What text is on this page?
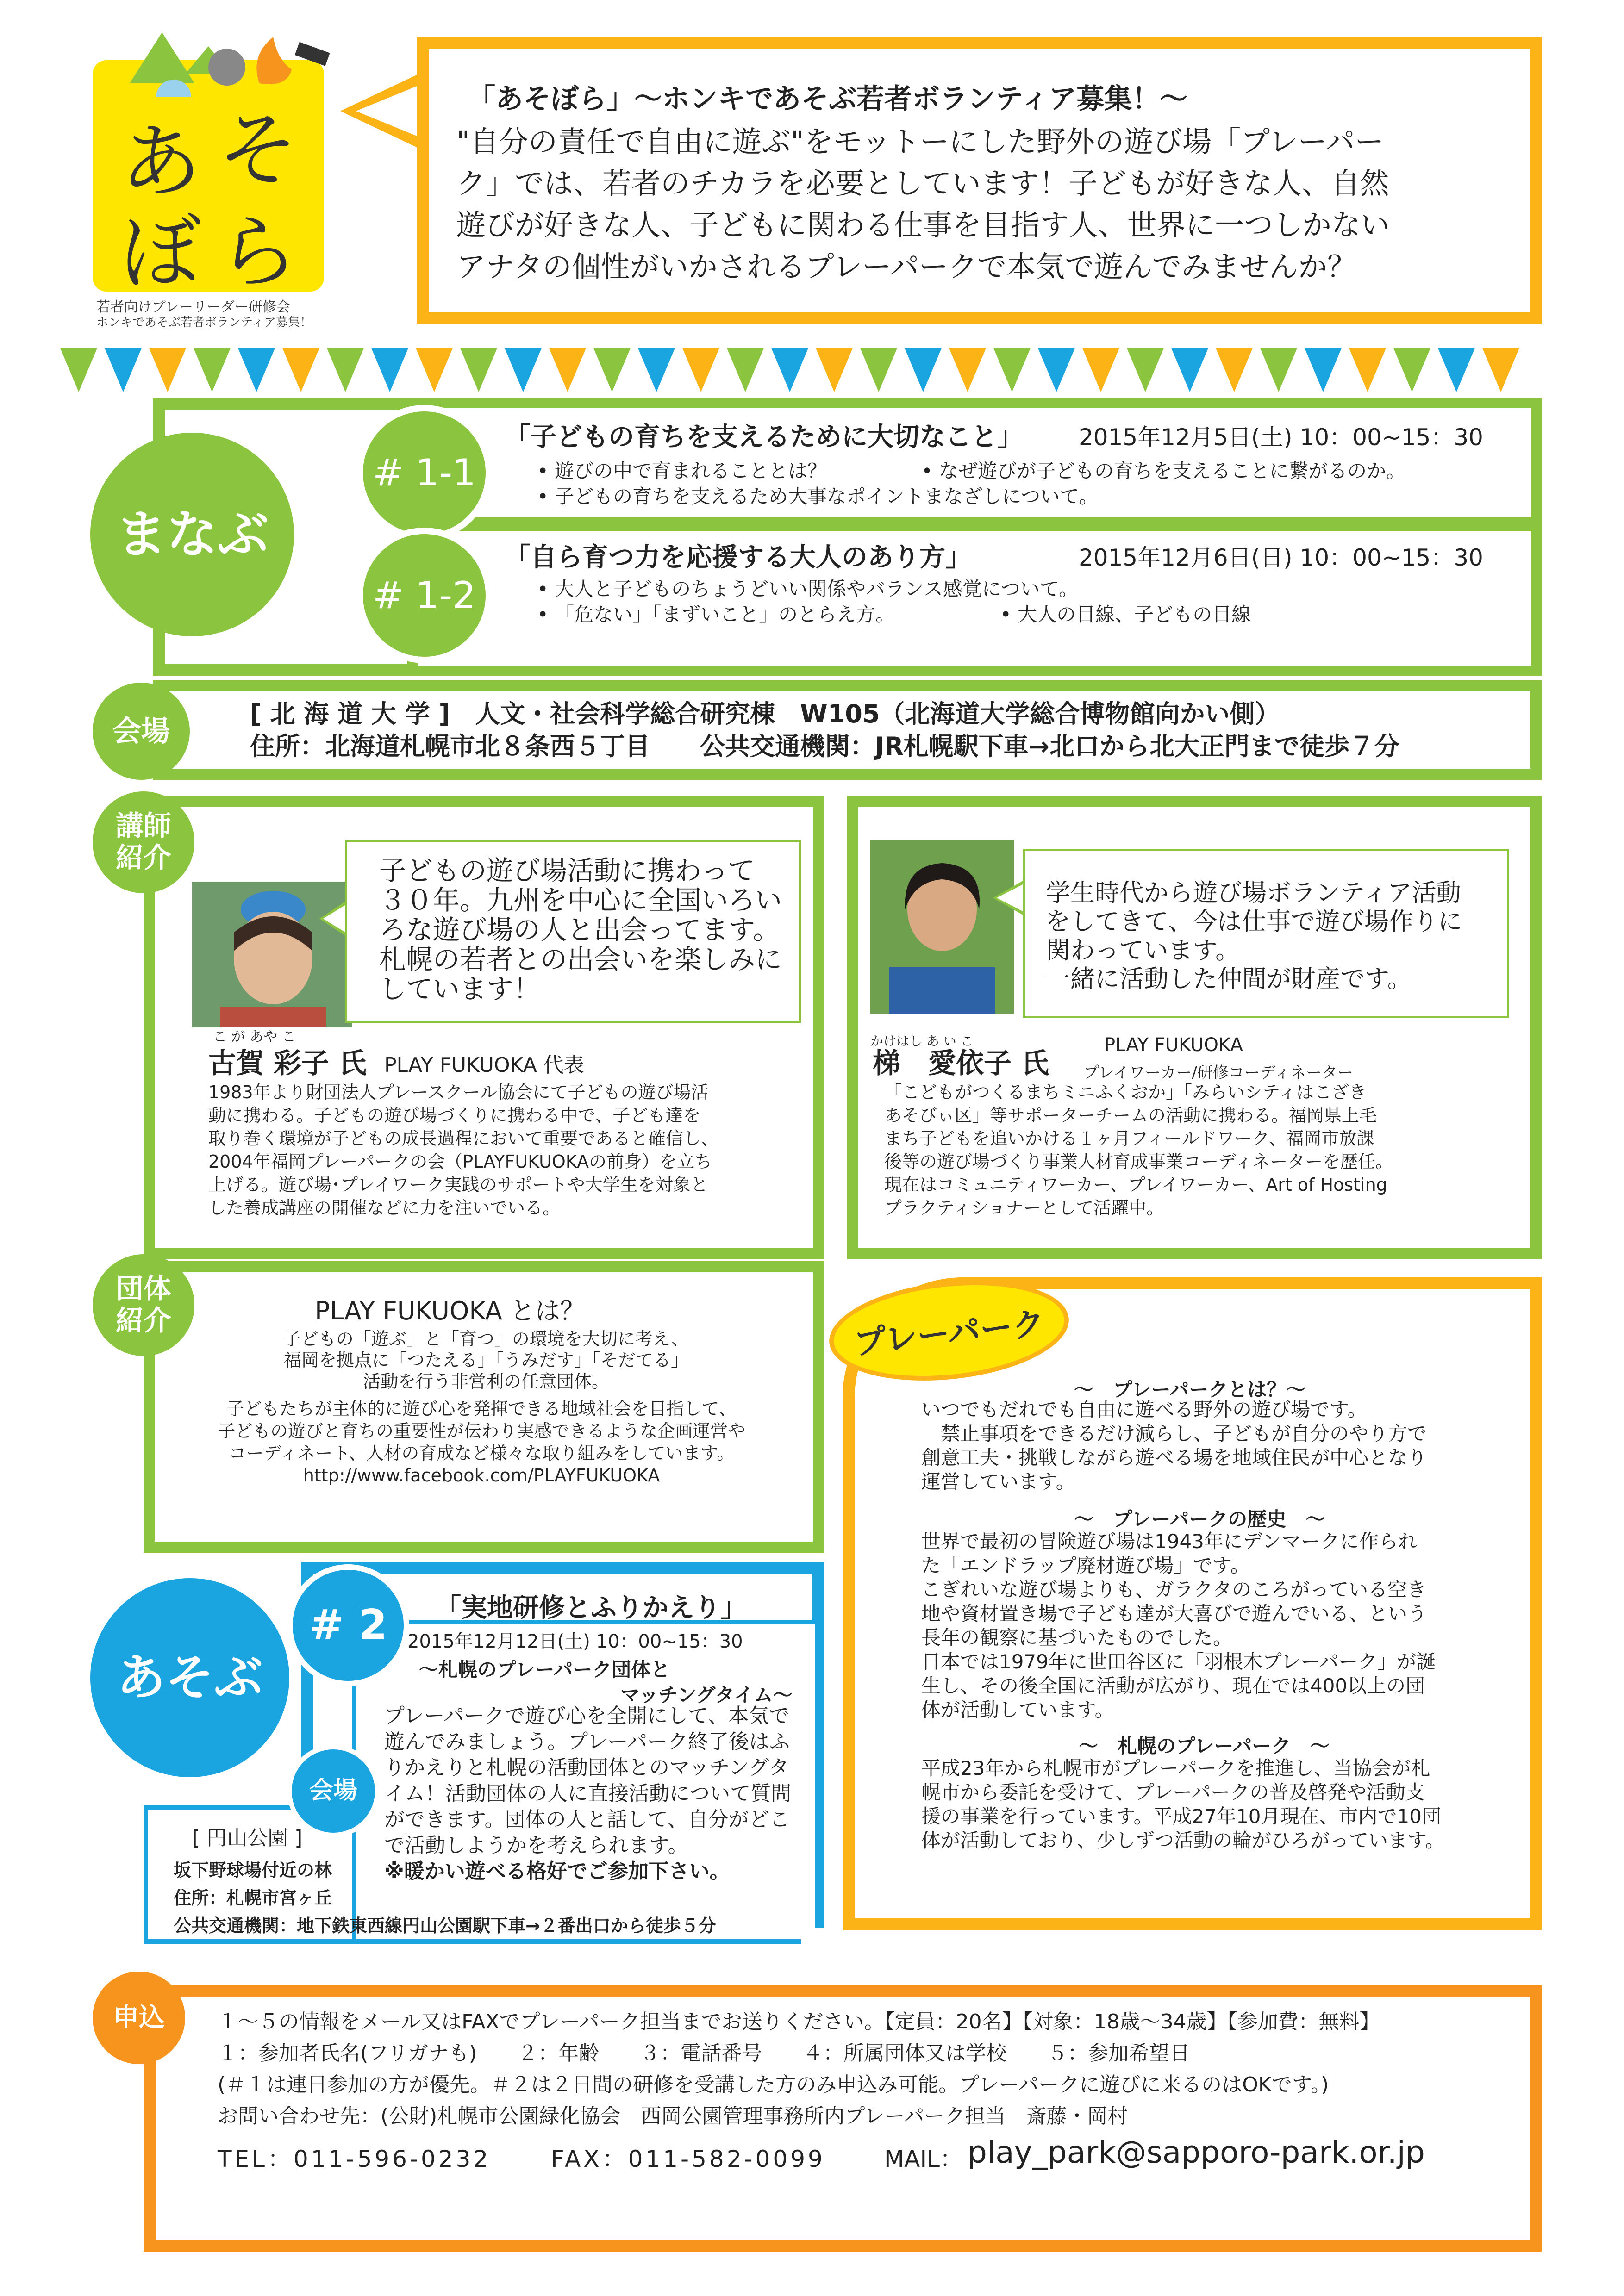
あ そ
ぼ ら
若者向けプレーリーダー研修会
ホンキであそぶ若者ボランティア募集！
「あそぼら」～ホンキであそぶ若者ボランティア募集！～
"自分の責任で自由に遊ぶ"をモットーにした野外の遊び場「プレーパー
ク」では、若者のチカラを必要としています！子どもが好きな人、自然
遊びが好きな人、子どもに関わる仕事を目指す人、世界に一つしかない
アナタの個性がいかされるプレーパークで本気で遊んでみませんか？
まなぶ
# 1-1
# 1-2
「子どもの育ちを支えるために大切なこと」 2015年12月5日(土) 10：00~15：30
• 遊びの中で育まれることとは？	• なぜ遊びが子どもの育ちを支えることに繋がるのか。
• 子どもの育ちを支えるため大事なポイントまなざしについて。
「自ら育つ力を応援する大人のあり方」	2015年12月6日(日) 10：00~15：30
• 大人と子どものちょうどいい関係やバランス感覚について。
• 「危ない」「まずいこと」のとらえ方。	• 大人の目線、子どもの目線
会場
[ 北 海 道 大 学 ]　人文・社会科学総合研究棟　W105（北海道大学総合博物館向かい側）
住所：北海道札幌市北８条西５丁目　　公共交通機関：JR札幌駅下車→北口から北大正門まで徒歩７分
講師
紹介	子どもの遊び場活動に携わって
３０年。九州を中心に全国いろい
ろな遊び場の人と出会ってます。
札幌の若者との出会いを楽しみに
しています！
こ が あや こ
古賀 彩子 氏 PLAY FUKUOKA 代表
1983年より財団法人プレースクール協会にて子どもの遊び場活
動に携わる。子どもの遊び場づくりに携わる中で、子ども達を
取り巻く環境が子どもの成長過程において重要であると確信し、
2004年福岡プレーパークの会（PLAYFUKUOKAの前身）を立ち
上げる。遊び場･プレイワーク実践のサポートや大学生を対象と
した養成講座の開催などに力を注いでいる。
学生時代から遊び場ボランティア活動
をしてきて、今は仕事で遊び場作りに
関わっています。
一緒に活動した仲間が財産です。
かけはし あ い こ
梯　愛依子 氏
PLAY FUKUOKA
プレイワーカー/研修コーディネーター
「こどもがつくるまちミニふくおか」「みらいシティはこざき
あそびぃ区」等サポーターチームの活動に携わる。福岡県上毛
まち子どもを追いかける１ヶ月フィールドワーク、福岡市放課
後等の遊び場づくり事業人材育成事業コーディネーターを歴任。
現在はコミュニティワーカー、プレイワーカー、Art of Hosting
プラクティショナーとして活躍中。
団体
紹介	PLAY FUKUOKA とは？
子どもの「遊ぶ」と「育つ」の環境を大切に考え、
福岡を拠点に「つたえる」「うみだす」「そだてる」
活動を行う非営利の任意団体。
子どもたちが主体的に遊び心を発揮できる地域社会を目指して、
子どもの遊びと育ちの重要性が伝わり実感できるような企画運営や
コーディネート、人材の育成など様々な取り組みをしています。
http://www.facebook.com/PLAYFUKUOKA
プレーパーク
～　プレーパークとは？～
いつでもだれでも自由に遊べる野外の遊び場です。
　禁止事項をできるだけ減らし、子どもが自分のやり方で
創意工夫・挑戦しながら遊べる場を地域住民が中心となり
運営しています。
～　プレーパークの歴史　～
世界で最初の冒険遊び場は1943年にデンマークに作られ
た「エンドラップ廃材遊び場」です。
こぎれいな遊び場よりも、ガラクタのころがっている空き
地や資材置き場で子ども達が大喜びで遊んでいる、という
長年の観察に基づいたものでした。
日本では1979年に世田谷区に「羽根木プレーパーク」が誕
生し、その後全国に活動が広がり、現在では400以上の団
体が活動しています。
～　札幌のプレーパーク　～
平成23年から札幌市がプレーパークを推進し、当協会が札
幌市から委託を受けて、プレーパークの普及啓発や活動支
援の事業を行っています。平成27年10月現在、市内で10団
体が活動しており、少しずつ活動の輪がひろがっています。
あそぶ
# 2
会場
「実地研修とふりかえり」
2015年12月12日(土) 10：00~15：30
～札幌のプレーパーク団体と
マッチングタイム～
プレーパークで遊び心を全開にして、本気で
遊んでみましょう。プレーパーク終了後はふ
りかえりと札幌の活動団体とのマッチングタ
イム！活動団体の人に直接活動について質問
ができます。団体の人と話して、自分がどこ
で活動しようかを考えられます。
※暖かい遊べる格好でご参加下さい。
[ 円山公園 ]
坂下野球場付近の林
住所：札幌市宮ヶ丘
公共交通機関：地下鉄東西線円山公園駅下車→２番出口から徒歩５分
申込	１～５の情報をメール又はFAXでプレーパーク担当までお送りください。【定員：20名】【対象：18歳～34歳】【参加費：無料】
１：参加者氏名(フリガナも)　　２：年齢　　３：電話番号　　４：所属団体又は学校　　５：参加希望日
(＃１は連日参加の方が優先。＃２は２日間の研修を受講した方のみ申込み可能。プレーパークに遊びに来るのはOKです。)
お問い合わせ先：(公財)札幌市公園緑化協会　西岡公園管理事務所内プレーパーク担当　斎藤・岡村
TEL：011-596-0232	FAX：011-582-0099	MAIL： play_park@sapporo-park.or.jp
